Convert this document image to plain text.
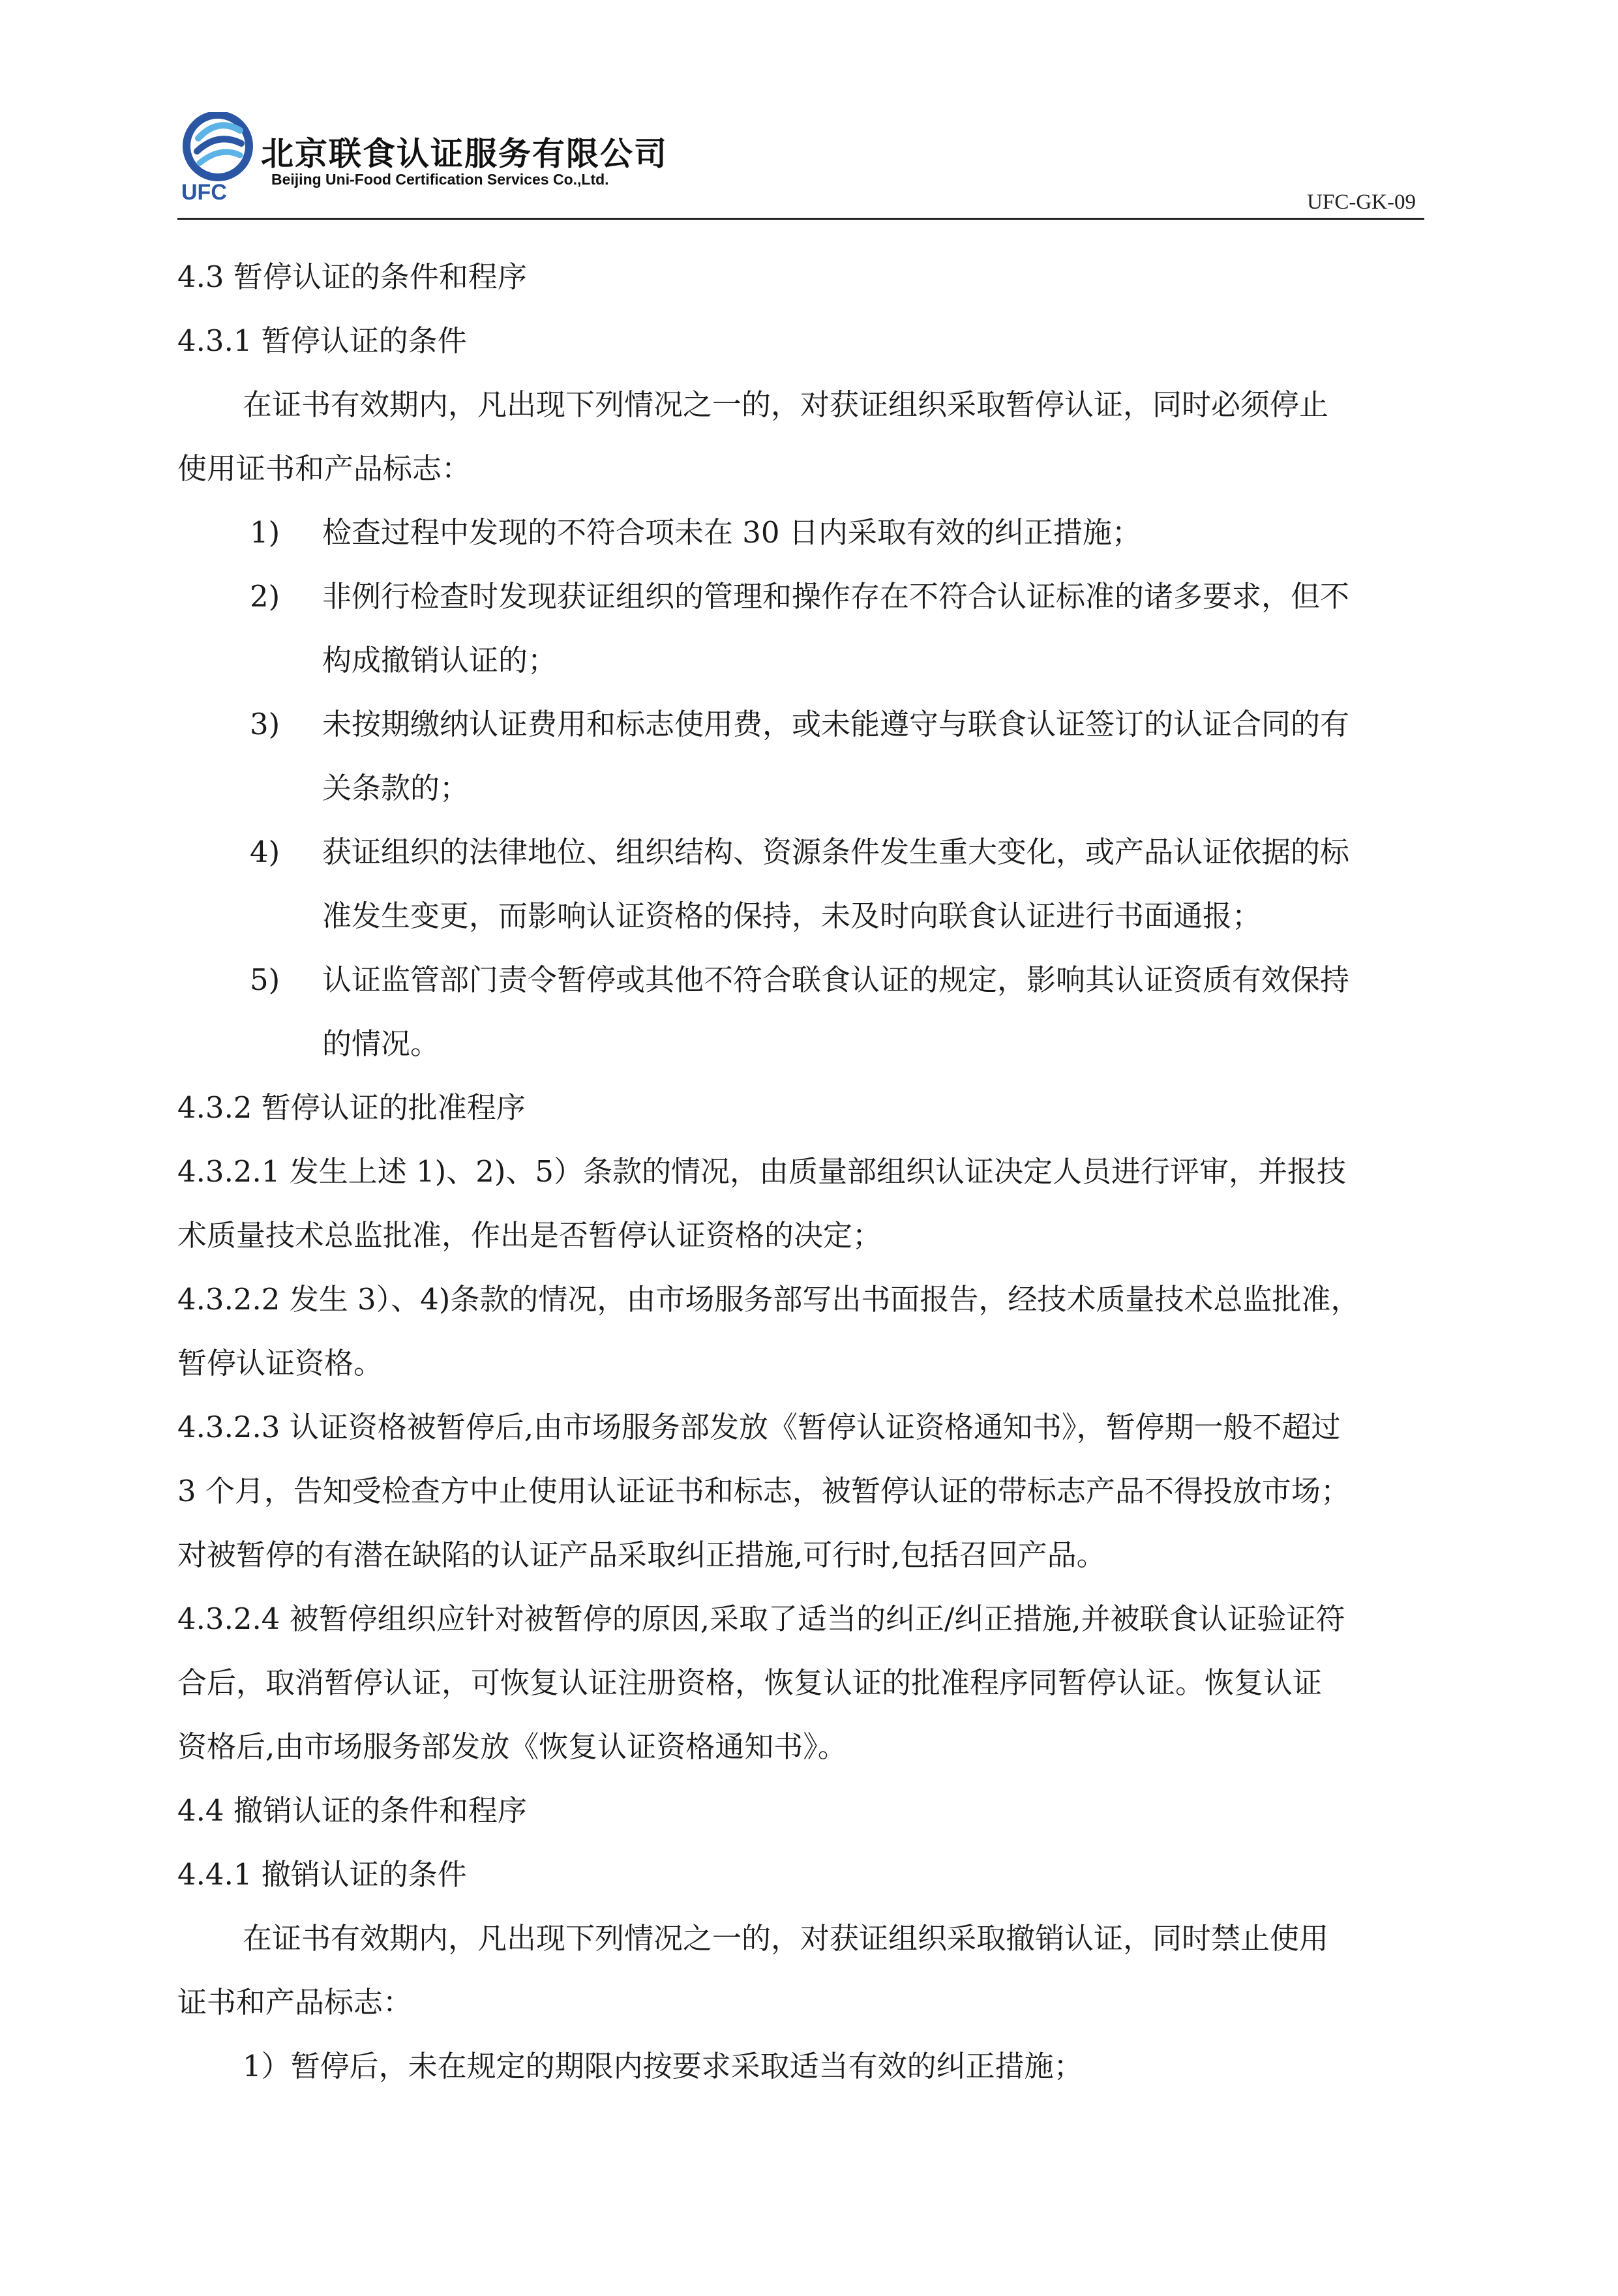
UFC
北京联食认证服务有限公司
Beijing Uni-Food Certification Services Co.,Ltd.
UFC-GK-09
4.3 暂停认证的条件和程序
4.3.1 暂停认证的条件
在证书有效期内，凡出现下列情况之一的，对获证组织采取暂停认证，同时必须停止
使用证书和产品标志：
1)	检查过程中发现的不符合项未在 30 日内采取有效的纠正措施；
2)	非例行检查时发现获证组织的管理和操作存在不符合认证标准的诸多要求，但不
构成撤销认证的；
3)	未按期缴纳认证费用和标志使用费，或未能遵守与联食认证签订的认证合同的有
关条款的；
4)	获证组织的法律地位、组织结构、资源条件发生重大变化，或产品认证依据的标
准发生变更，而影响认证资格的保持，未及时向联食认证进行书面通报；
5)	认证监管部门责令暂停或其他不符合联食认证的规定，影响其认证资质有效保持
的情况。
4.3.2 暂停认证的批准程序
4.3.2.1 发生上述 1)、2)、5）条款的情况，由质量部组织认证决定人员进行评审，并报技
术质量技术总监批准，作出是否暂停认证资格的决定；
4.3.2.2 发生 3）、4)条款的情况，由市场服务部写出书面报告，经技术质量技术总监批准，
暂停认证资格。
4.3.2.3 认证资格被暂停后,由市场服务部发放《暂停认证资格通知书》，暂停期一般不超过
3 个月，告知受检查方中止使用认证证书和标志，被暂停认证的带标志产品不得投放市场；
对被暂停的有潜在缺陷的认证产品采取纠正措施,可行时,包括召回产品。
4.3.2.4 被暂停组织应针对被暂停的原因,采取了适当的纠正/纠正措施,并被联食认证验证符
合后，取消暂停认证，可恢复认证注册资格，恢复认证的批准程序同暂停认证。恢复认证
资格后,由市场服务部发放《恢复认证资格通知书》。
4.4 撤销认证的条件和程序
4.4.1 撤销认证的条件
在证书有效期内，凡出现下列情况之一的，对获证组织采取撤销认证，同时禁止使用
证书和产品标志：
1）暂停后，未在规定的期限内按要求采取适当有效的纠正措施；
